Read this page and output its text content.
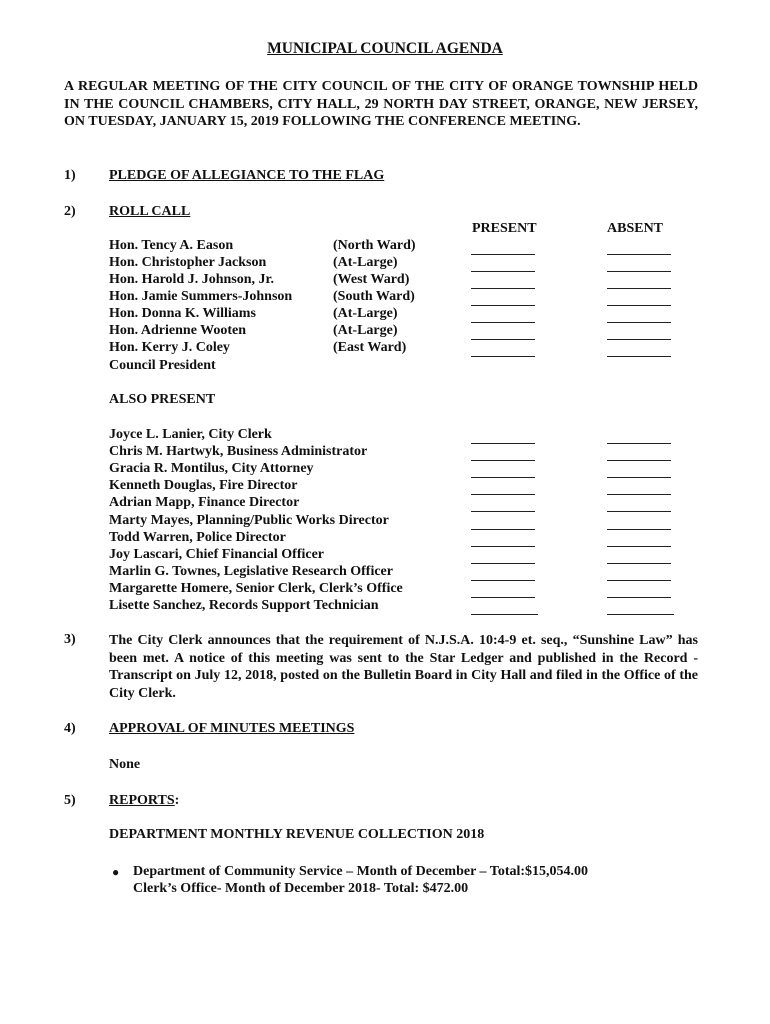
MUNICIPAL COUNCIL AGENDA
A REGULAR MEETING OF THE CITY COUNCIL OF THE CITY OF ORANGE TOWNSHIP HELD IN THE COUNCIL CHAMBERS, CITY HALL, 29 NORTH DAY STREET, ORANGE, NEW JERSEY, ON TUESDAY, JANUARY 15, 2019 FOLLOWING THE CONFERENCE MEETING.
1) PLEDGE OF ALLEGIANCE TO THE FLAG
2) ROLL CALL
PRESENT	ABSENT
Hon. Tency A. Eason	(North Ward)
Hon. Christopher Jackson	(At-Large)
Hon. Harold J. Johnson, Jr.	(West Ward)
Hon. Jamie Summers-Johnson	(South Ward)
Hon. Donna K. Williams	(At-Large)
Hon. Adrienne Wooten	(At-Large)
Hon. Kerry J. Coley	(East Ward)
Council President
ALSO PRESENT
Joyce L. Lanier, City Clerk
Chris M. Hartwyk, Business Administrator
Gracia R. Montilus, City Attorney
Kenneth Douglas, Fire Director
Adrian Mapp, Finance Director
Marty Mayes, Planning/Public Works Director
Todd Warren, Police Director
Joy Lascari, Chief Financial Officer
Marlin G. Townes, Legislative Research Officer
Margarette Homere, Senior Clerk, Clerk’s Office
Lisette Sanchez, Records Support Technician
3) The City Clerk announces that the requirement of N.J.S.A. 10:4-9 et. seq., “Sunshine Law” has been met. A notice of this meeting was sent to the Star Ledger and published in the Record - Transcript on July 12, 2018, posted on the Bulletin Board in City Hall and filed in the Office of the City Clerk.
4) APPROVAL OF MINUTES MEETINGS
None
5) REPORTS:
DEPARTMENT MONTHLY REVENUE COLLECTION 2018
● Department of Community Service – Month of December – Total:$15,054.00
Clerk’s Office- Month of December 2018- Total: $472.00
